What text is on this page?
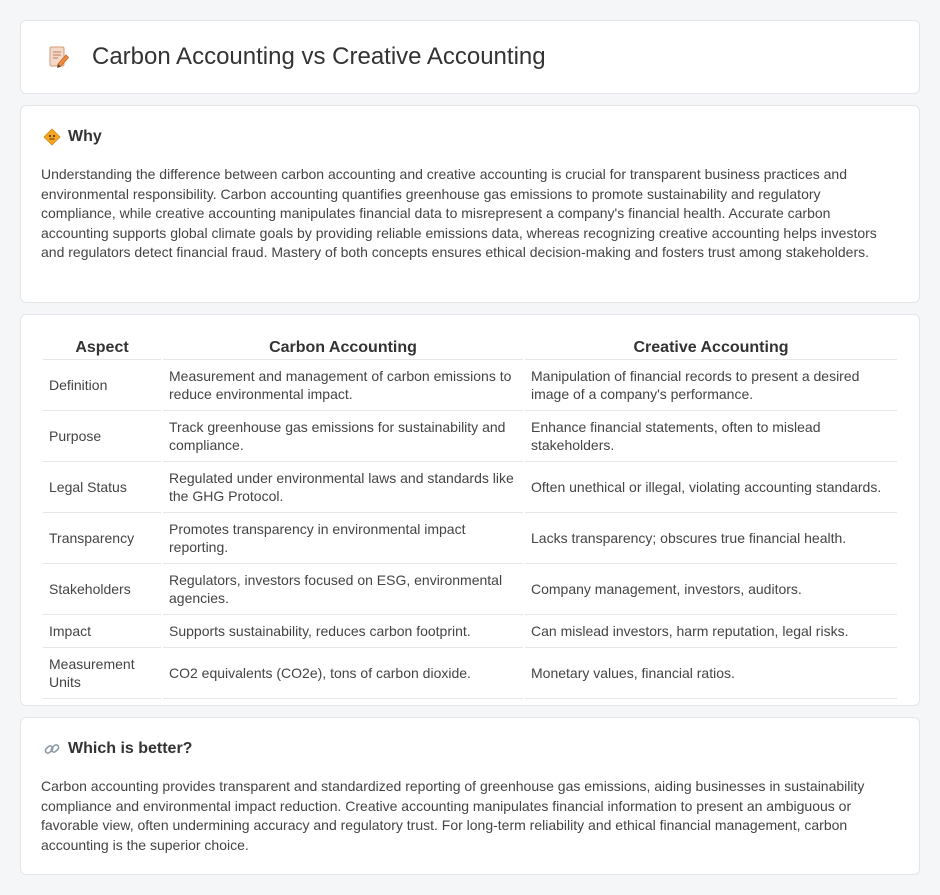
Carbon Accounting vs Creative Accounting
Why

Understanding the difference between carbon accounting and creative accounting is crucial for transparent business practices and environmental responsibility. Carbon accounting quantifies greenhouse gas emissions to promote sustainability and regulatory compliance, while creative accounting manipulates financial data to misrepresent a company's financial health. Accurate carbon accounting supports global climate goals by providing reliable emissions data, whereas recognizing creative accounting helps investors and regulators detect financial fraud. Mastery of both concepts ensures ethical decision-making and fosters trust among stakeholders.

Aspect	Carbon Accounting	Creative Accounting
Definition	Measurement and management of carbon emissions to reduce environmental impact.	Manipulation of financial records to present a desired image of a company's performance.
Purpose	Track greenhouse gas emissions for sustainability and compliance.	Enhance financial statements, often to mislead stakeholders.
Legal Status	Regulated under environmental laws and standards like the GHG Protocol.	Often unethical or illegal, violating accounting standards.
Transparency	Promotes transparency in environmental impact reporting.	Lacks transparency; obscures true financial health.
Stakeholders	Regulators, investors focused on ESG, environmental agencies.	Company management, investors, auditors.
Impact	Supports sustainability, reduces carbon footprint.	Can mislead investors, harm reputation, legal risks.
Measurement Units	CO2 equivalents (CO2e), tons of carbon dioxide.	Monetary values, financial ratios.
Which is better?

Carbon accounting provides transparent and standardized reporting of greenhouse gas emissions, aiding businesses in sustainability compliance and environmental impact reduction. Creative accounting manipulates financial information to present an ambiguous or favorable view, often undermining accuracy and regulatory trust. For long-term reliability and ethical financial management, carbon accounting is the superior choice.
